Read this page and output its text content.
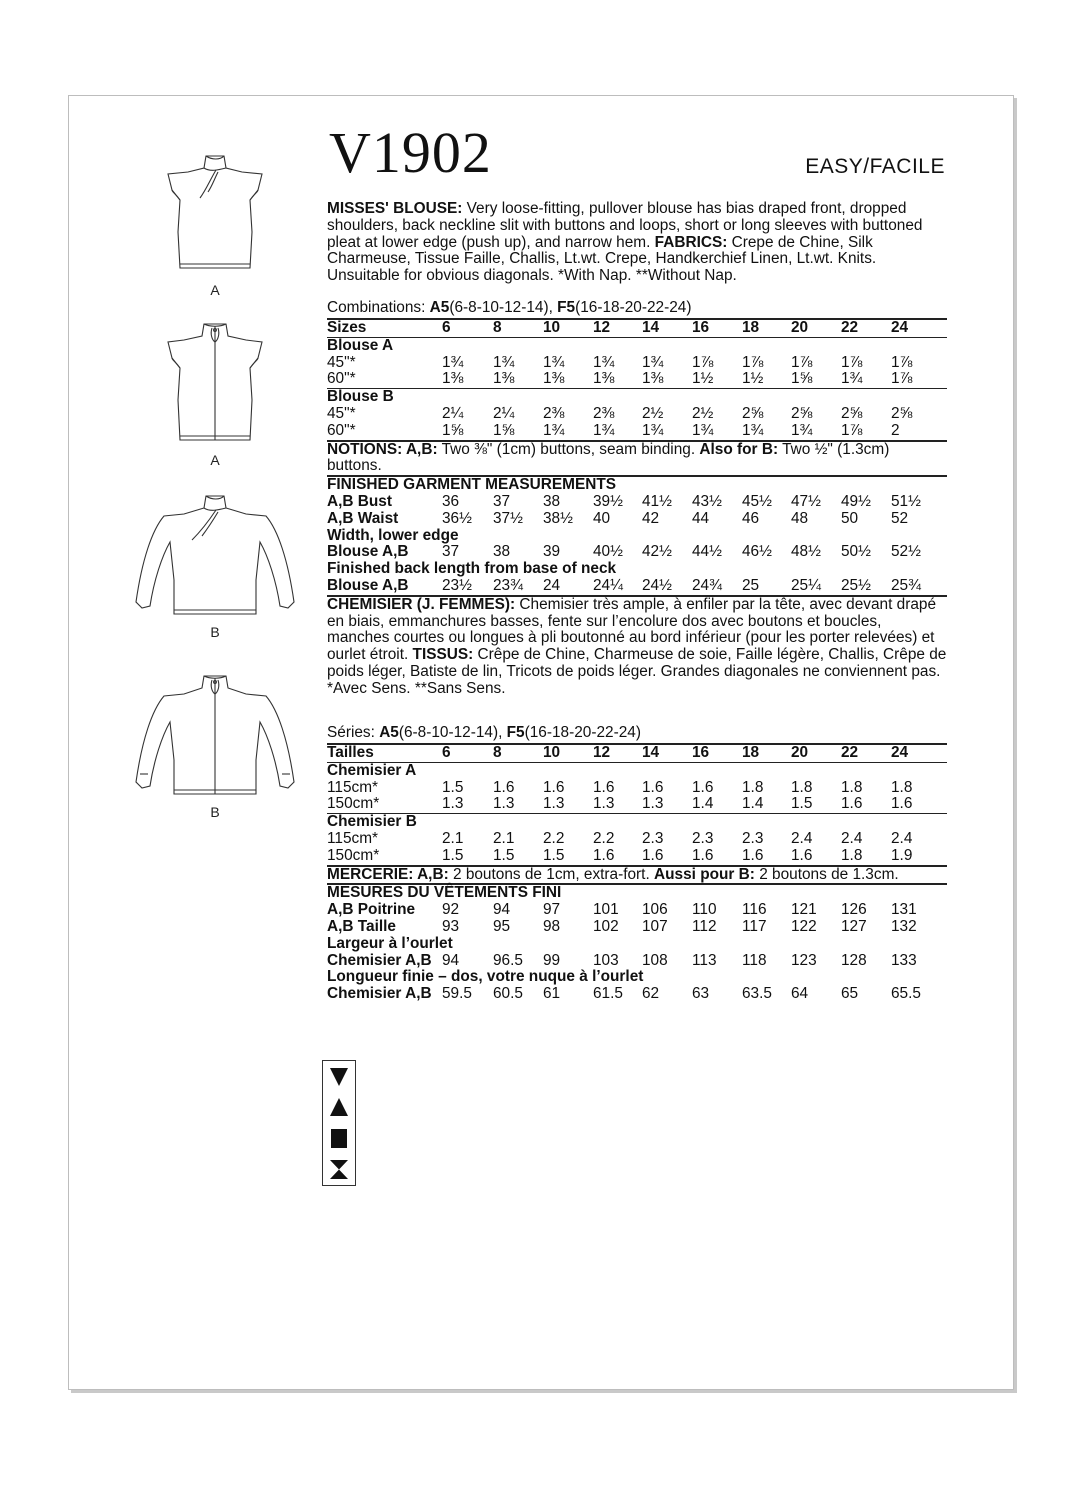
A
A
B
B
V1902	EASY/FACILE
MISSES' BLOUSE: Very loose-fitting, pullover blouse has bias draped front, dropped shoulders, back neckline slit with buttons and loops, short or long sleeves with buttoned pleat at lower edge (push up), and narrow hem. FABRICS: Crepe de Chine, Silk Charmeuse, Tissue Faille, Challis, Lt.wt. Crepe, Handkerchief Linen, Lt.wt. Knits. Unsuitable for obvious diagonals. *With Nap. **Without Nap.
Combinations: A5(6-8-10-12-14), F5(16-18-20-22-24)
Sizes	6	8	10 12 14 16 18 20 22 24
Blouse A
45"*	1¾ 1¾ 1¾ 1¾ 1¾ 1⅞ 1⅞ 1⅞ 1⅞ 1⅞
60"*	1⅜ 1⅜ 1⅜ 1⅜ 1⅜ 1½ 1½ 1⅝ 1¾ 1⅞
Blouse B
45"*	2¼ 2¼ 2⅜ 2⅜ 2½ 2½ 2⅝ 2⅝ 2⅝ 2⅝
60"*	1⅝ 1⅝ 1¾ 1¾ 1¾ 1¾ 1¾ 1¾ 1⅞ 2
NOTIONS: A,B: Two ⅜" (1cm) buttons, seam binding. Also for B: Two ½" (1.3cm) buttons.
FINISHED GARMENT MEASUREMENTS
A,B Bust	36 37 38 39½ 41½ 43½ 45½ 47½ 49½ 51½
A,B Waist	36½ 37½ 38½ 40 42 44 46 48 50 52
Width, lower edge
Blouse A,B 37 38 39 40½ 42½ 44½ 46½ 48½ 50½ 52½
Finished back length from base of neck
Blouse A,B 23½ 23¾ 24 24¼ 24½ 24¾ 25 25¼ 25½ 25¾
CHEMISIER (J. FEMMES): Chemisier très ample, à enfiler par la tête, avec devant drapé en biais, emmanchures basses, fente sur l’encolure dos avec boutons et boucles, manches courtes ou longues à pli boutonné au bord inférieur (pour les porter relevées) et ourlet étroit. TISSUS: Crêpe de Chine, Charmeuse de soie, Faille légère, Challis, Crêpe de poids léger, Batiste de lin, Tricots de poids léger. Grandes diagonales ne conviennent pas. *Avec Sens. **Sans Sens.
Séries: A5(6-8-10-12-14), F5(16-18-20-22-24)
Tailles	6	8	10 12 14 16 18 20 22 24
Chemisier A
115cm*	1.5 1.6 1.6 1.6 1.6 1.6 1.8 1.8 1.8 1.8
150cm*	1.3 1.3 1.3 1.3 1.3 1.4 1.4 1.5 1.6 1.6
Chemisier B
115cm*	2.1 2.1 2.2 2.2 2.3 2.3 2.3 2.4 2.4 2.4
150cm*	1.5 1.5 1.5 1.6 1.6 1.6 1.6 1.6 1.8 1.9
MERCERIE: A,B: 2 boutons de 1cm, extra-fort. Aussi pour B: 2 boutons de 1.3cm.
MESURES DU VÊTEMENTS FINI
A,B Poitrine 92 94 97 101 106 110 116 121 126 131
A,B Taille	93 95 98 102 107 112 117 122 127 132
Largeur à l’ourlet
Chemisier A,B 94 96.5 99 103 108 113 118 123 128 133
Longueur finie – dos, votre nuque à l’ourlet
Chemisier A,B 59.5 60.5 61 61.5 62 63 63.5 64 65 65.5
